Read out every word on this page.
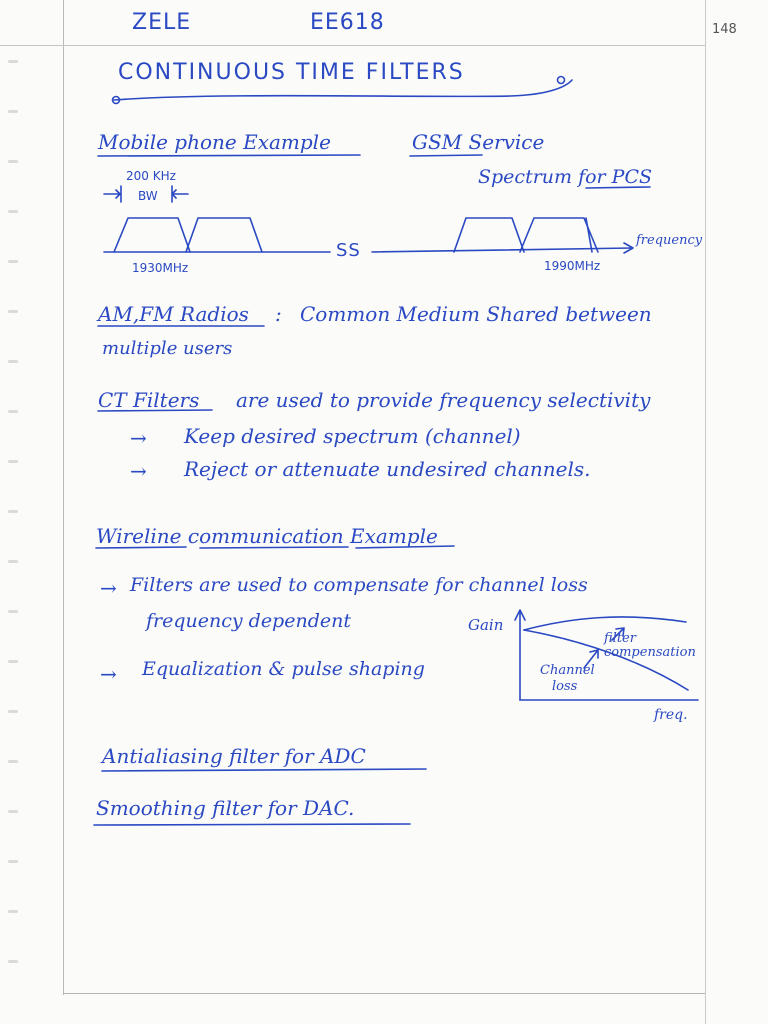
ZELE	EE618	148
CONTINUOUS TIME FILTERS
Mobile phone Example	GSM Service
Spectrum for PCS
200 KHz
BW
1930MHz	1990MHz
frequency
SS
AM,FM Radios : Common Medium Shared between
multiple users
CT Filters are used to provide frequency selectivity
→ Keep desired spectrum (channel)
→ Reject or attenuate undesired channels.
Wireline communication Example
→ Filters are used to compensate for channel loss
frequency dependent
→ Equalization & pulse shaping
Gain
freq.
filter compensation
Channel
loss
Antialiasing filter for ADC
Smoothing filter for DAC.
